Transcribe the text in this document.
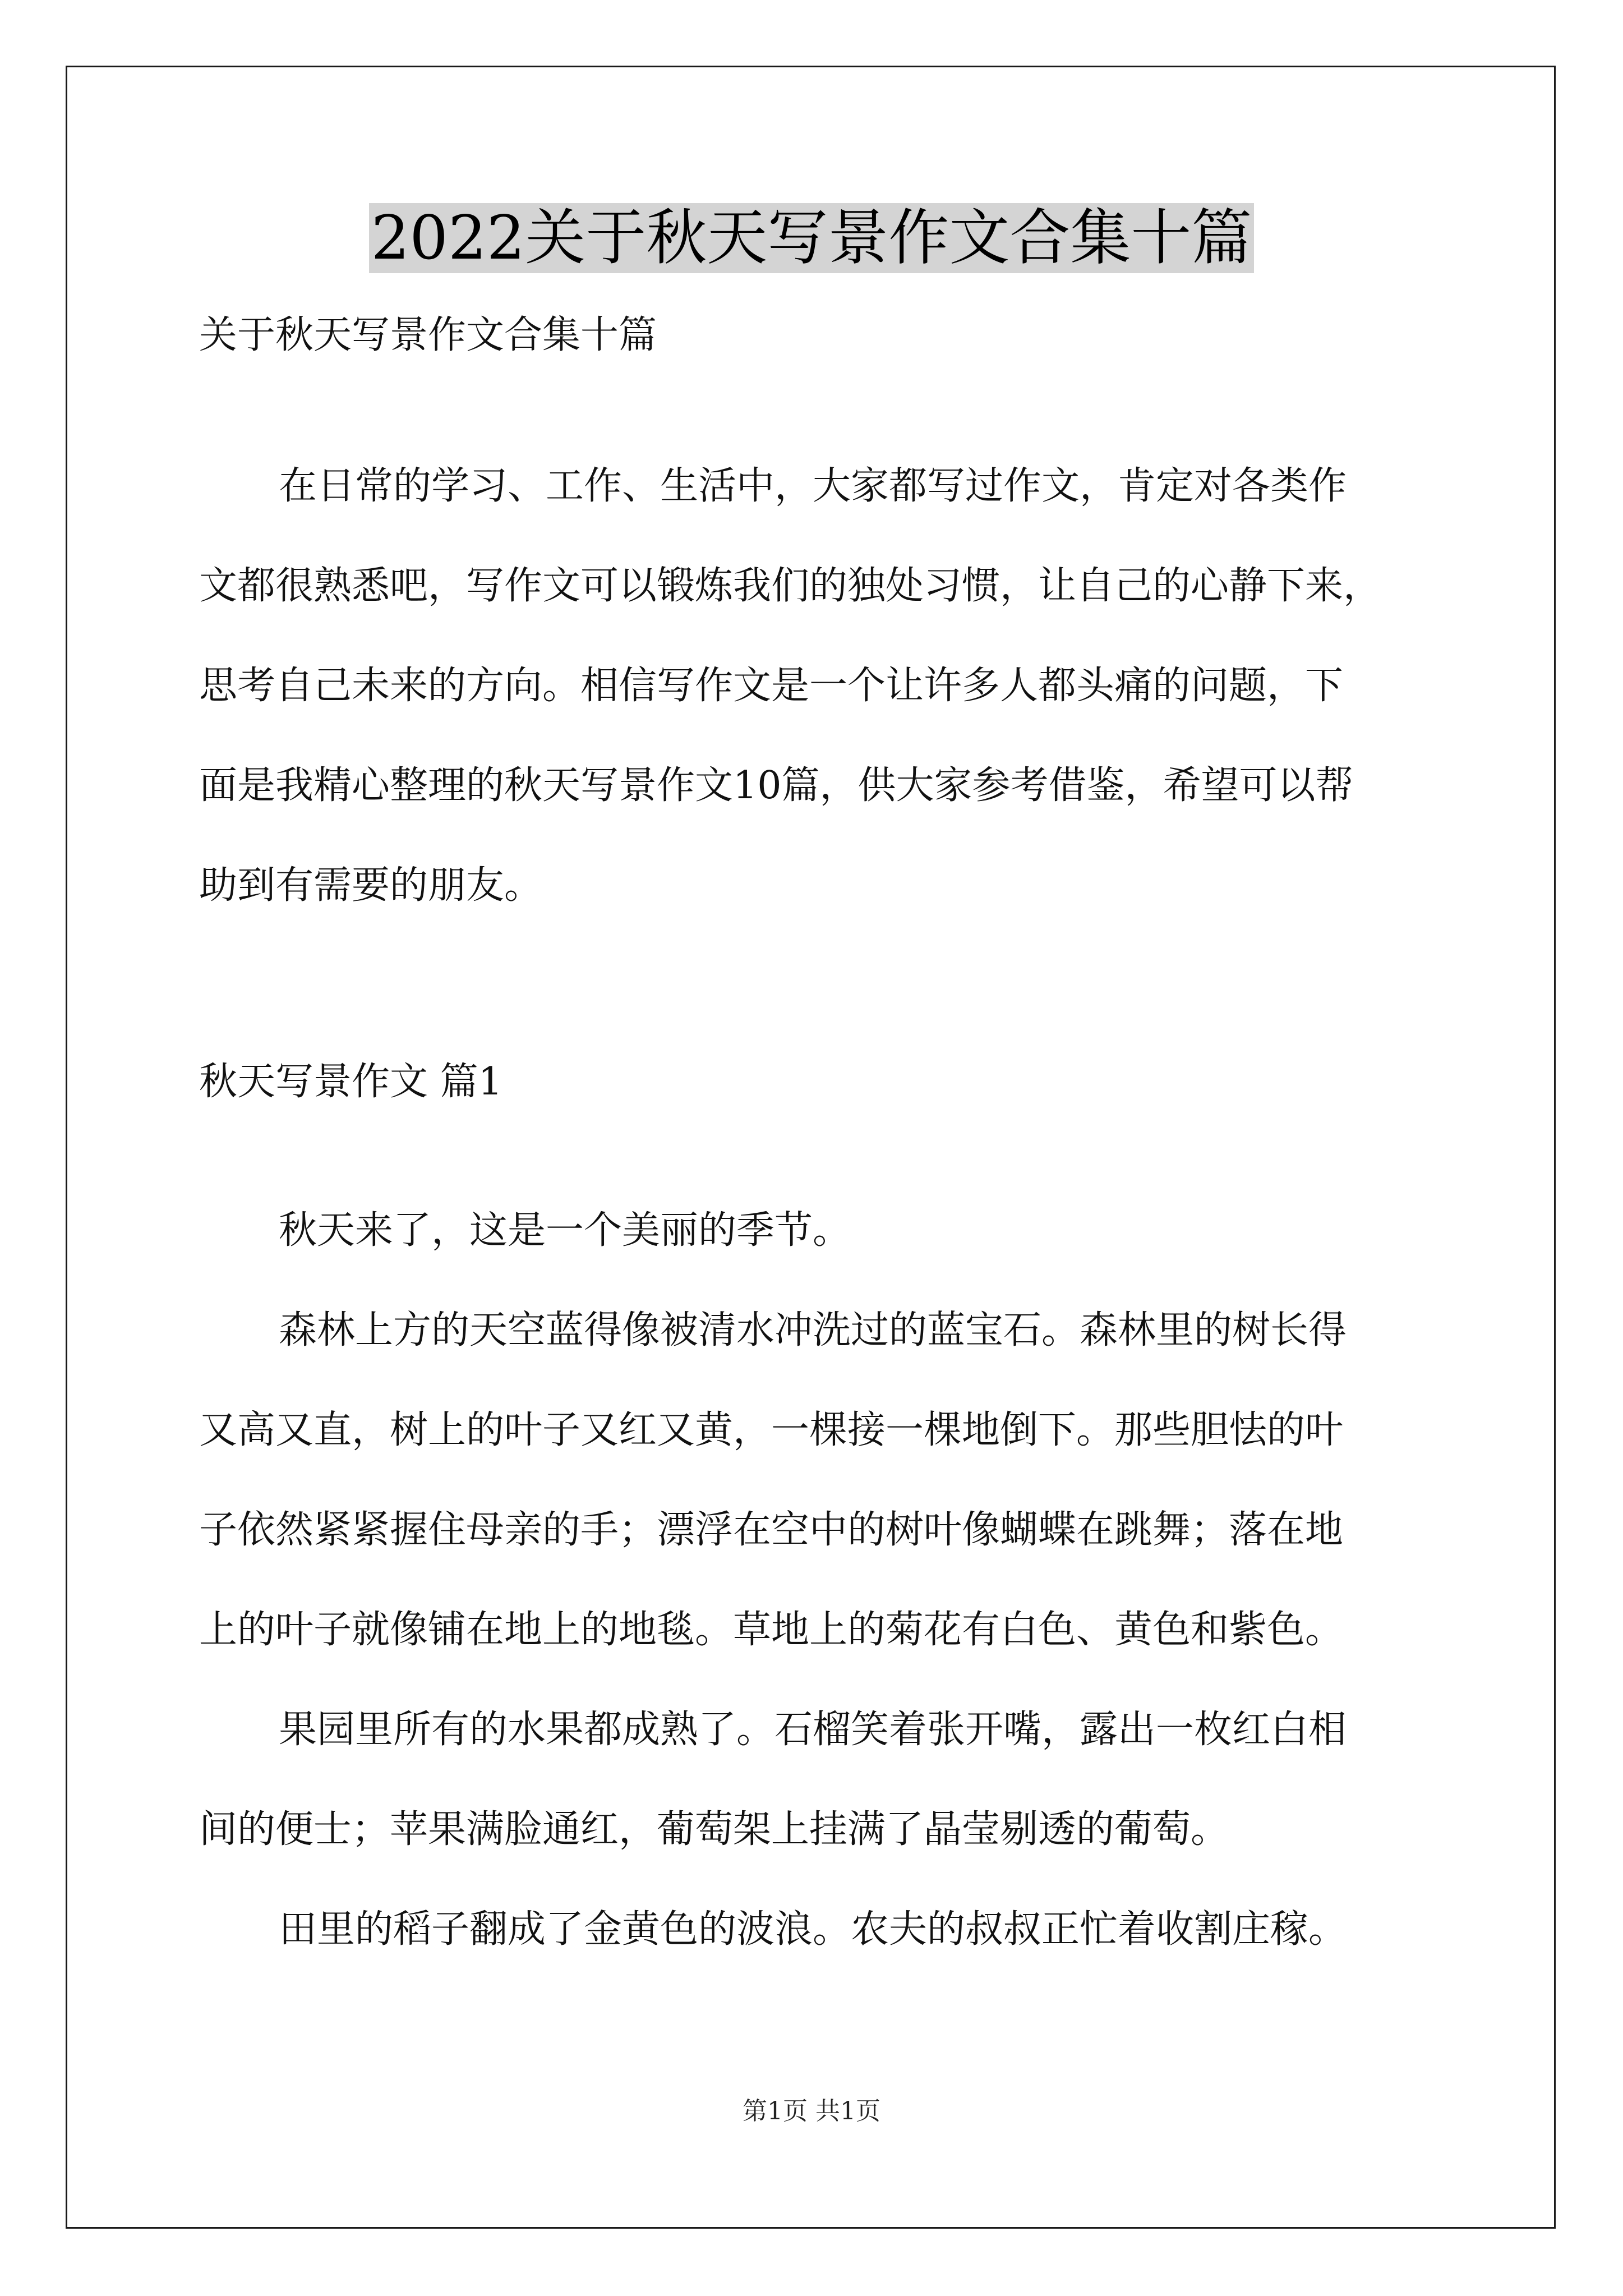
2022关于秋天写景作文合集十篇
关于秋天写景作文合集十篇
在日常的学习、工作、生活中，大家都写过作文，肯定对各类作
文都很熟悉吧，写作文可以锻炼我们的独处习惯，让自己的心静下来，
思考自己未来的方向。相信写作文是一个让许多人都头痛的问题，下
面是我精心整理的秋天写景作文10篇，供大家参考借鉴，希望可以帮
助到有需要的朋友。
秋天写景作文 篇1
秋天来了，这是一个美丽的季节。
森林上方的天空蓝得像被清水冲洗过的蓝宝石。森林里的树长得
又高又直，树上的叶子又红又黄，一棵接一棵地倒下。那些胆怯的叶
子依然紧紧握住母亲的手；漂浮在空中的树叶像蝴蝶在跳舞；落在地
上的叶子就像铺在地上的地毯。草地上的菊花有白色、黄色和紫色。
果园里所有的水果都成熟了。石榴笑着张开嘴，露出一枚红白相
间的便士；苹果满脸通红，葡萄架上挂满了晶莹剔透的葡萄。
田里的稻子翻成了金黄色的波浪。农夫的叔叔正忙着收割庄稼。
第1页 共1页
